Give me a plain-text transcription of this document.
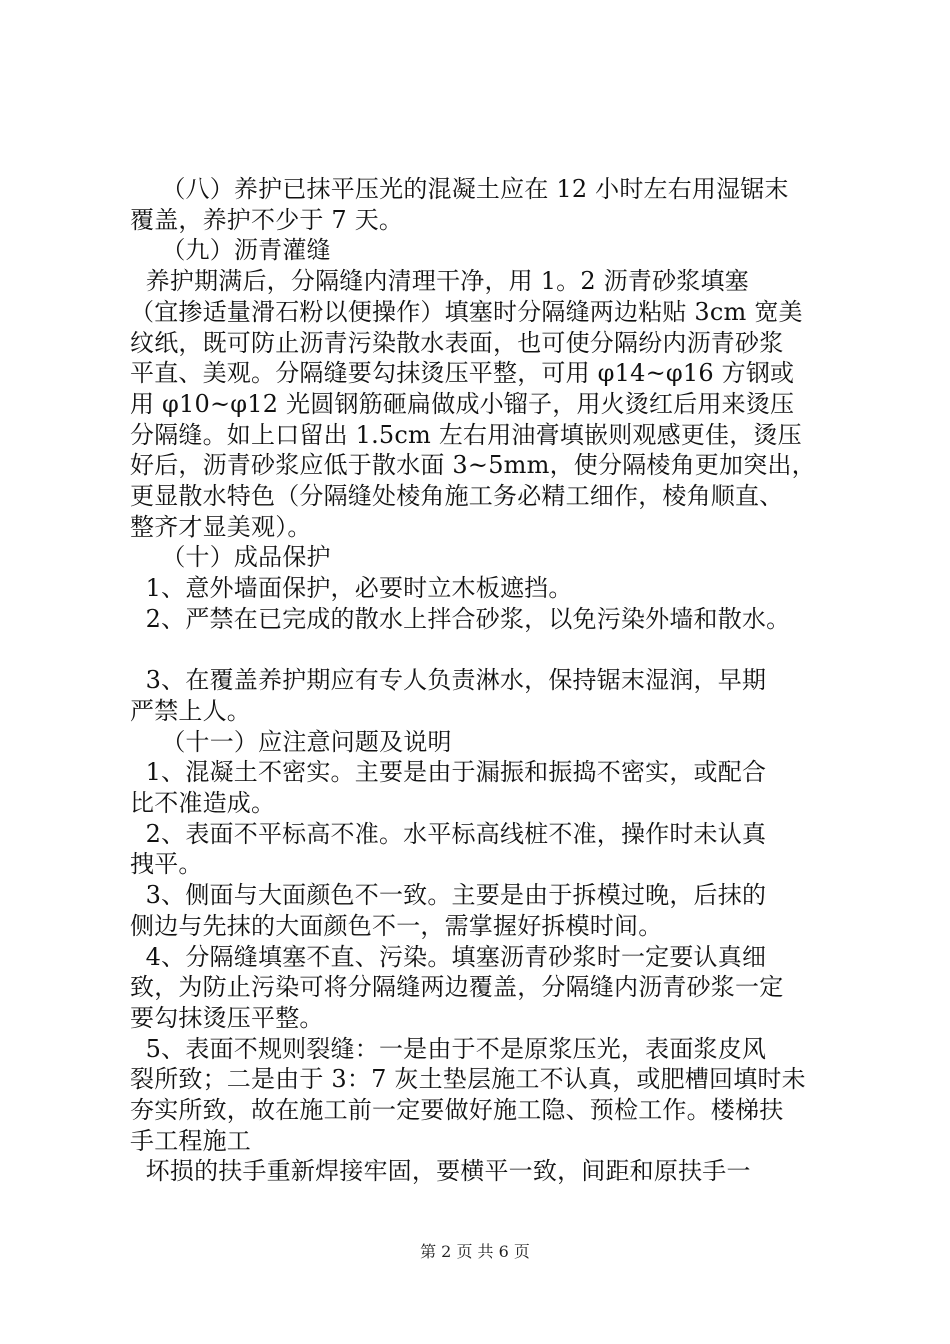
（八）养护已抹平压光的混凝土应在 12 小时左右用湿锯末

覆盖，养护不少于 7 天。

（九）沥青灌缝

养护期满后，分隔缝内清理干净，用 1。2 沥青砂浆填塞

（宜掺适量滑石粉以便操作）填塞时分隔缝两边粘贴 3cm 宽美

纹纸，既可防止沥青污染散水表面，也可使分隔纷内沥青砂浆

平直、美观。分隔缝要勾抹烫压平整，可用 φ14~φ16 方钢或

用 φ10~φ12 光圆钢筋砸扁做成小镏子，用火烫红后用来烫压

分隔缝。如上口留出 1.5cm 左右用油膏填嵌则观感更佳，烫压

好后，沥青砂浆应低于散水面 3~5mm，使分隔棱角更加突出，

更显散水特色（分隔缝处棱角施工务必精工细作，棱角顺直、

整齐才显美观）。

（十）成品保护

1、意外墙面保护，必要时立木板遮挡。

2、严禁在已完成的散水上拌合砂浆，以免污染外墙和散水。

3、在覆盖养护期应有专人负责淋水，保持锯末湿润，早期

严禁上人。

（十一）应注意问题及说明

1、混凝土不密实。主要是由于漏振和振捣不密实，或配合

比不准造成。

2、表面不平标高不准。水平标高线桩不准，操作时未认真

拽平。

3、侧面与大面颜色不一致。主要是由于拆模过晚，后抹的

侧边与先抹的大面颜色不一，需掌握好拆模时间。

4、分隔缝填塞不直、污染。填塞沥青砂浆时一定要认真细

致，为防止污染可将分隔缝两边覆盖，分隔缝内沥青砂浆一定

要勾抹烫压平整。

5、表面不规则裂缝：一是由于不是原浆压光，表面浆皮风

裂所致；二是由于 3：7 灰土垫层施工不认真，或肥槽回填时未

夯实所致，故在施工前一定要做好施工隐、预检工作。楼梯扶

手工程施工

坏损的扶手重新焊接牢固，要横平一致，间距和原扶手一

第 2 页 共 6 页
